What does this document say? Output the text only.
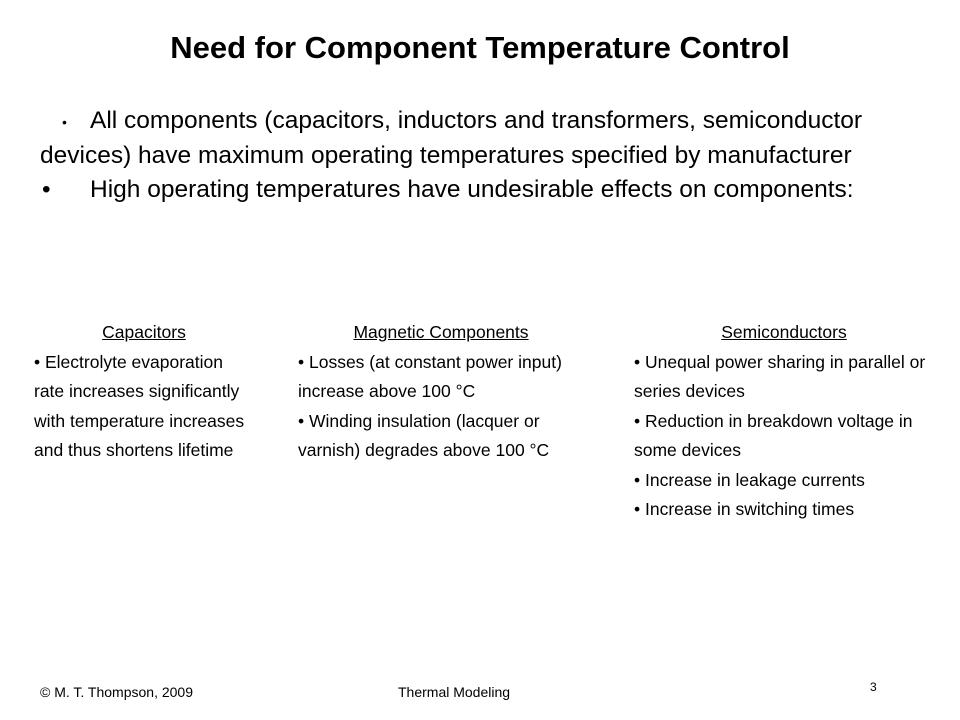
Need for Component Temperature Control

• All components (capacitors, inductors and transformers, semiconductor devices) have maximum operating temperatures specified by manufacturer

• High operating temperatures have undesirable effects on components:

Capacitors

• Electrolyte evaporation rate increases significantly with temperature increases and thus shortens lifetime

Magnetic Components

• Losses (at constant power input) increase above 100 °C

• Winding insulation (lacquer or varnish) degrades above 100 °C

Semiconductors

• Unequal power sharing in parallel or series devices

• Reduction in breakdown voltage in some devices

• Increase in leakage currents

• Increase in switching times

© M. T. Thompson, 2009	Thermal Modeling	3
